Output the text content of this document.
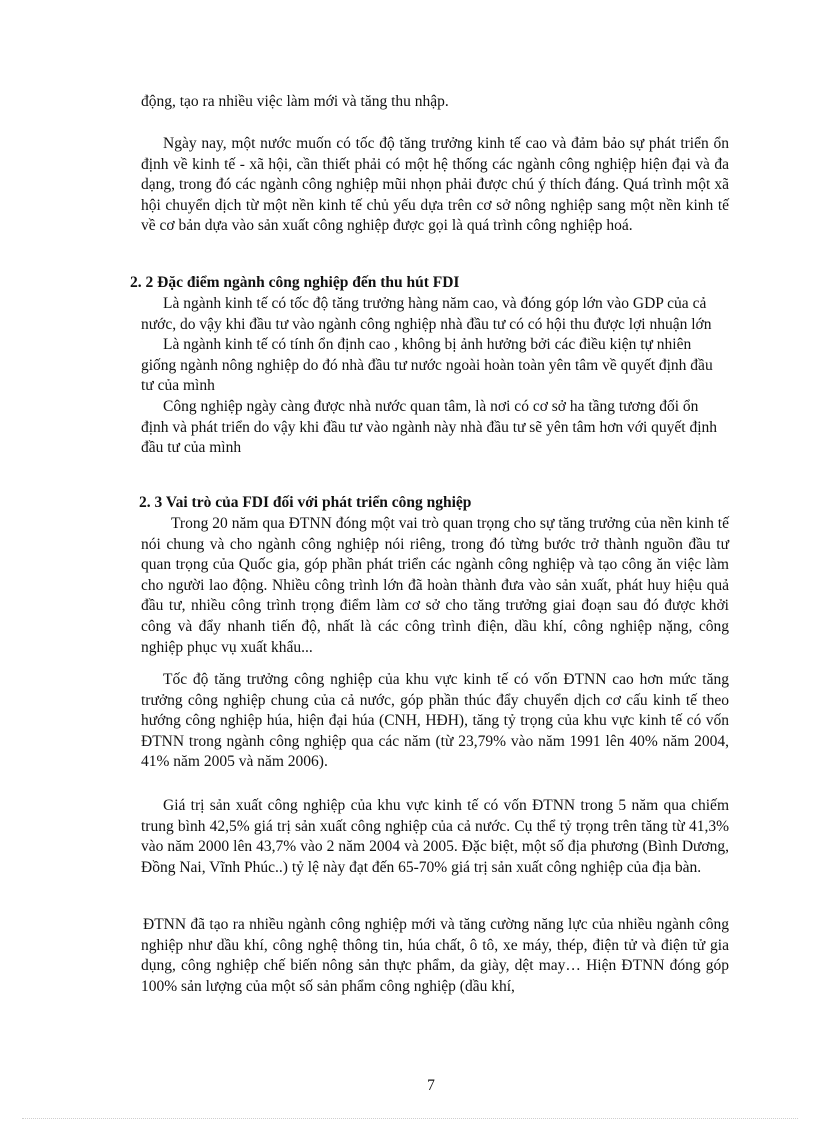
động, tạo ra nhiều việc làm mới và tăng thu nhập.

Ngày nay, một nước muốn có tốc độ tăng trưởng kinh tế cao và đảm bảo sự phát triển ổn định về kinh tế - xã hội, cần thiết phải có một hệ thống các ngành công nghiệp hiện đại và đa dạng, trong đó các ngành công nghiệp mũi nhọn phải được chú ý thích đáng. Quá trình một xã hội chuyển dịch từ một nền kinh tế chủ yếu dựa trên cơ sở nông nghiệp sang một nền kinh tế về cơ bản dựa vào sản xuất công nghiệp được gọi là quá trình công nghiệp hoá.

2. 2 Đặc điểm ngành công nghiệp đến thu hút FDI

Là ngành kinh tế có tốc độ tăng trưởng hàng năm cao, và đóng góp lớn vào GDP của cả nước, do vậy khi đầu tư vào ngành công nghiệp nhà đầu tư có có hội thu được lợi nhuận lớn

Là ngành kinh tế có tính ổn định cao , không bị ảnh hưởng bởi các điều kiện tự nhiên giống ngành nông nghiệp do đó nhà đầu tư nước ngoài hoàn toàn yên tâm về quyết định đầu tư của mình

Công nghiệp ngày càng được nhà nước quan tâm, là nơi có cơ sở ha tầng tương đối ổn định và phát triển do vậy khi đầu tư vào ngành này nhà đầu tư sẽ yên tâm hơn với quyết định đầu tư của mình

2. 3 Vai trò của FDI đối với phát triển công nghiệp

Trong 20 năm qua ĐTNN đóng một vai trò quan trọng cho sự tăng trưởng của nền kinh tế nói chung và cho ngành công nghiệp nói riêng, trong đó từng bước trở thành nguồn đầu tư quan trọng của Quốc gia, góp phần phát triển các ngành công nghiệp và tạo công ăn việc làm cho người lao động. Nhiều công trình lớn đã hoàn thành đưa vào sản xuất, phát huy hiệu quả đầu tư, nhiều công trình trọng điểm làm cơ sở cho tăng trưởng giai đoạn sau đó được khởi công và đẩy nhanh tiến độ, nhất là các công trình điện, dầu khí, công nghiệp nặng, công nghiệp phục vụ xuất khẩu...

Tốc độ tăng trưởng công nghiệp của khu vực kinh tế có vốn ĐTNN cao hơn mức tăng trưởng công nghiệp chung của cả nước, góp phần thúc đẩy chuyển dịch cơ cấu kinh tế theo hướng công nghiệp húa, hiện đại húa (CNH, HĐH), tăng tỷ trọng của khu vực kinh tế có vốn ĐTNN trong ngành công nghiệp qua các năm (từ 23,79% vào năm 1991 lên 40% năm 2004, 41% năm 2005 và năm 2006).

Giá trị sản xuất công nghiệp của khu vực kinh tế có vốn ĐTNN trong 5 năm qua chiếm trung bình 42,5% giá trị sản xuất công nghiệp của cả nước. Cụ thể tỷ trọng trên tăng từ 41,3% vào năm 2000 lên 43,7% vào 2 năm 2004 và 2005. Đặc biệt, một số địa phương (Bình Dương, Đồng Nai, Vĩnh Phúc..) tỷ lệ này đạt đến 65-70% giá trị sản xuất công nghiệp của địa bàn.

ĐTNN đã tạo ra nhiều ngành công nghiệp mới và tăng cường năng lực của nhiều ngành công nghiệp như dầu khí, công nghệ thông tin, húa chất, ô tô, xe máy, thép, điện tử và điện tử gia dụng, công nghiệp chế biến nông sản thực phẩm, da giày, dệt may… Hiện ĐTNN đóng góp 100% sản lượng của một số sản phẩm công nghiệp (dầu khí,

7
